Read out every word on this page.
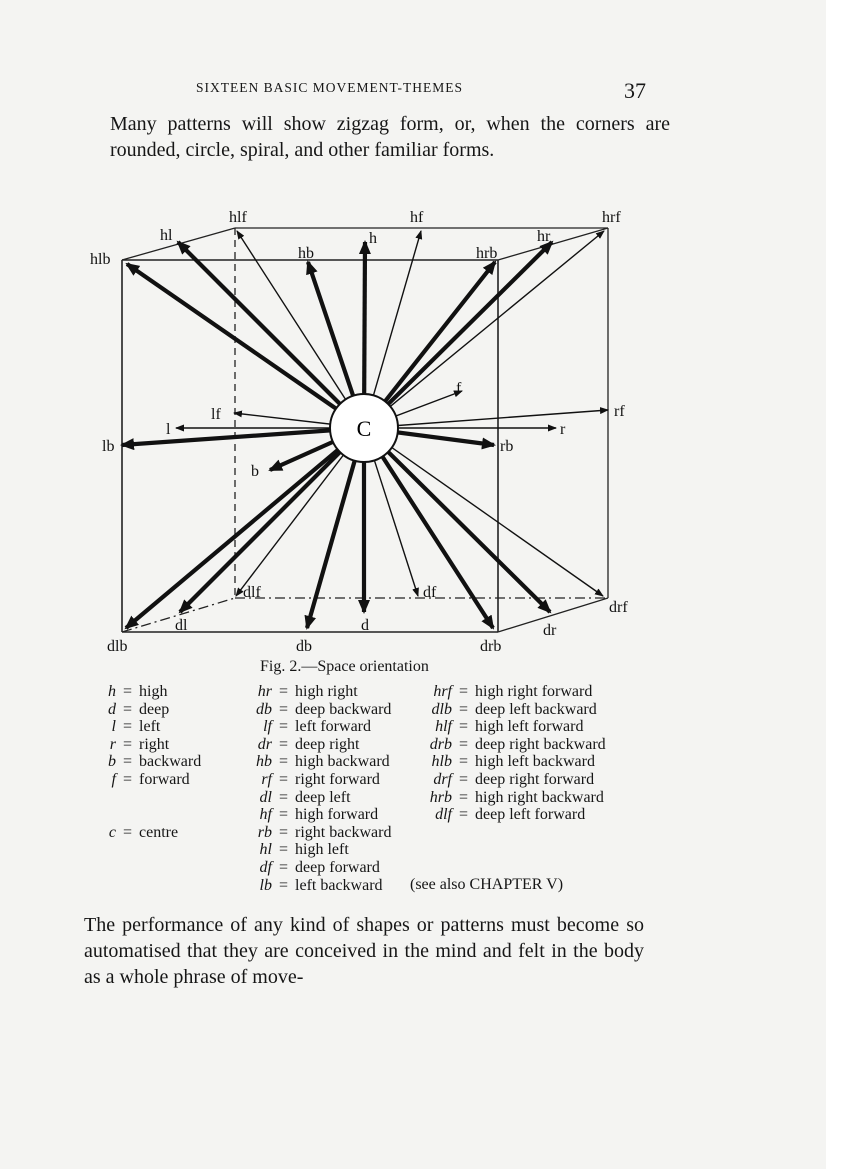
SIXTEEN BASIC MOVEMENT-THEMES	37

Many patterns will show zigzag form, or, when the corners are rounded, circle, spiral, and other familiar forms.

C
hlf	hf	hrf
hl	h	hr
hlb	hb	hrb
f
lf	rf
l	r
lb	rb
b
dlf	df
drf
dl	d	dr
dlb	db	drb
Fig. 2.—Space orientation
h = high
d = deep
l = left
r = right
b = backward
f = forward
c = centre
hr = high right
db = deep backward
lf = left forward
dr = deep right
hb = high backward
rf = right forward
dl = deep left
hf = high forward
rb = right backward
hl = high left
df = deep forward
lb = left backward
hrf = high right forward
dlb = deep left backward
hlf = high left forward
drb = deep right backward
hlb = high left backward
drf = deep right forward
hrb = high right backward
dlf = deep left forward
(see also CHAPTER V)

The performance of any kind of shapes or patterns must become so automatised that they are conceived in the mind and felt in the body as a whole phrase of move-
